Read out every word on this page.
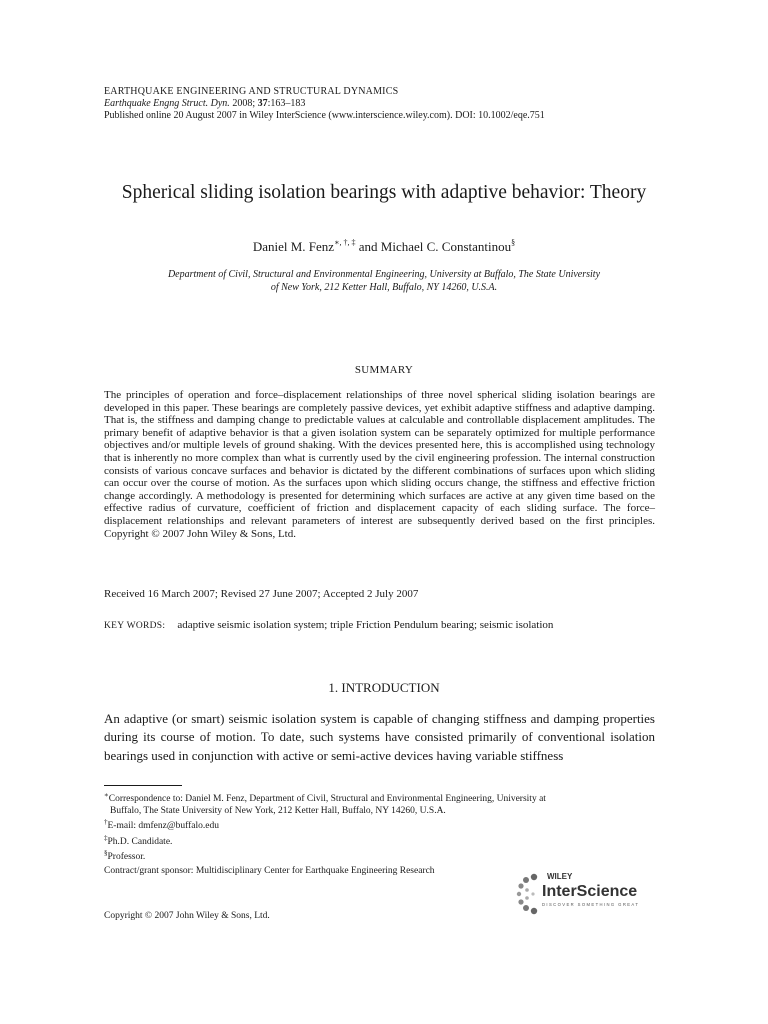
EARTHQUAKE ENGINEERING AND STRUCTURAL DYNAMICS
Earthquake Engng Struct. Dyn. 2008; 37:163–183
Published online 20 August 2007 in Wiley InterScience (www.interscience.wiley.com). DOI: 10.1002/eqe.751
Spherical sliding isolation bearings with adaptive behavior: Theory
Daniel M. Fenz∗, †, ‡ and Michael C. Constantinou§
Department of Civil, Structural and Environmental Engineering, University at Buffalo, The State University
of New York, 212 Ketter Hall, Buffalo, NY 14260, U.S.A.
SUMMARY
The principles of operation and force–displacement relationships of three novel spherical sliding isolation bearings are developed in this paper. These bearings are completely passive devices, yet exhibit adaptive stiffness and adaptive damping. That is, the stiffness and damping change to predictable values at calculable and controllable displacement amplitudes. The primary benefit of adaptive behavior is that a given isolation system can be separately optimized for multiple performance objectives and/or multiple levels of ground shaking. With the devices presented here, this is accomplished using technology that is inherently no more complex than what is currently used by the civil engineering profession. The internal construction consists of various concave surfaces and behavior is dictated by the different combinations of surfaces upon which sliding can occur over the course of motion. As the surfaces upon which sliding occurs change, the stiffness and effective friction change accordingly. A methodology is presented for determining which surfaces are active at any given time based on the effective radius of curvature, coefficient of friction and displacement capacity of each sliding surface. The force–displacement relationships and relevant parameters of interest are subsequently derived based on the first principles. Copyright © 2007 John Wiley & Sons, Ltd.
Received 16 March 2007; Revised 27 June 2007; Accepted 2 July 2007
KEY WORDS: adaptive seismic isolation system; triple Friction Pendulum bearing; seismic isolation
1. INTRODUCTION
An adaptive (or smart) seismic isolation system is capable of changing stiffness and damping properties during its course of motion. To date, such systems have consisted primarily of conventional isolation bearings used in conjunction with active or semi-active devices having variable stiffness
∗Correspondence to: Daniel M. Fenz, Department of Civil, Structural and Environmental Engineering, University at
Buffalo, The State University of New York, 212 Ketter Hall, Buffalo, NY 14260, U.S.A.
†E-mail: dmfenz@buffalo.edu
‡Ph.D. Candidate.
§Professor.
Contract/grant sponsor: Multidisciplinary Center for Earthquake Engineering Research
Copyright © 2007 John Wiley & Sons, Ltd.
WILEY
InterScience
DISCOVER SOMETHING GREAT
